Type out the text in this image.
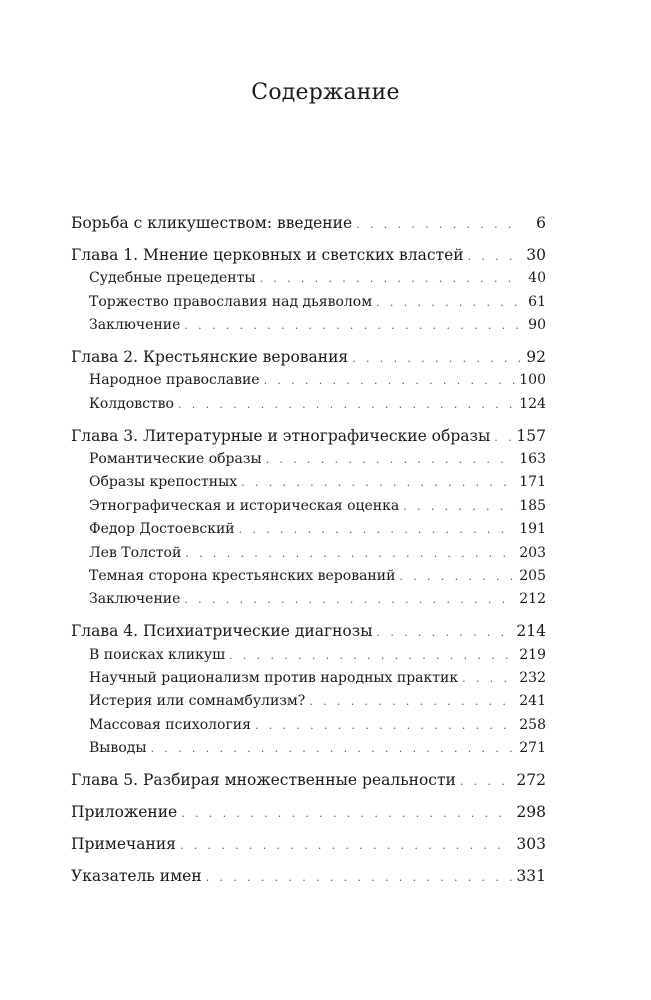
Содержание
Борьба с кликушеством: введение . . .	6
Глава 1. Мнение церковных и светских властей . . .	30
Судебные прецеденты . . .	40
Торжество православия над дьяволом . . .	61
Заключение . . .	90
Глава 2. Крестьянские верования . . .	92
Народное православие . . .	100
Колдовство . . .	124
Глава 3. Литературные и этнографические образы . . . 157
Романтические образы . . .	163
Образы крепостных . . .	171
Этнографическая и историческая оценка . . .	185
Федор Достоевский . . .	191
Лев Толстой . . .	203
Темная сторона крестьянских верований . . .	205
Заключение . . .	212
Глава 4. Психиатрические диагнозы . . .	214
В поисках кликуш . . .	219
Научный рационализм против народных практик . . .	232
Истерия или сомнамбулизм? . . .	241
Массовая психология . . .	258
Выводы . . .	271
Глава 5. Разбирая множественные реальности . . .	272
Приложение . . .	298
Примечания . . .	303
Указатель имен . . .	331
